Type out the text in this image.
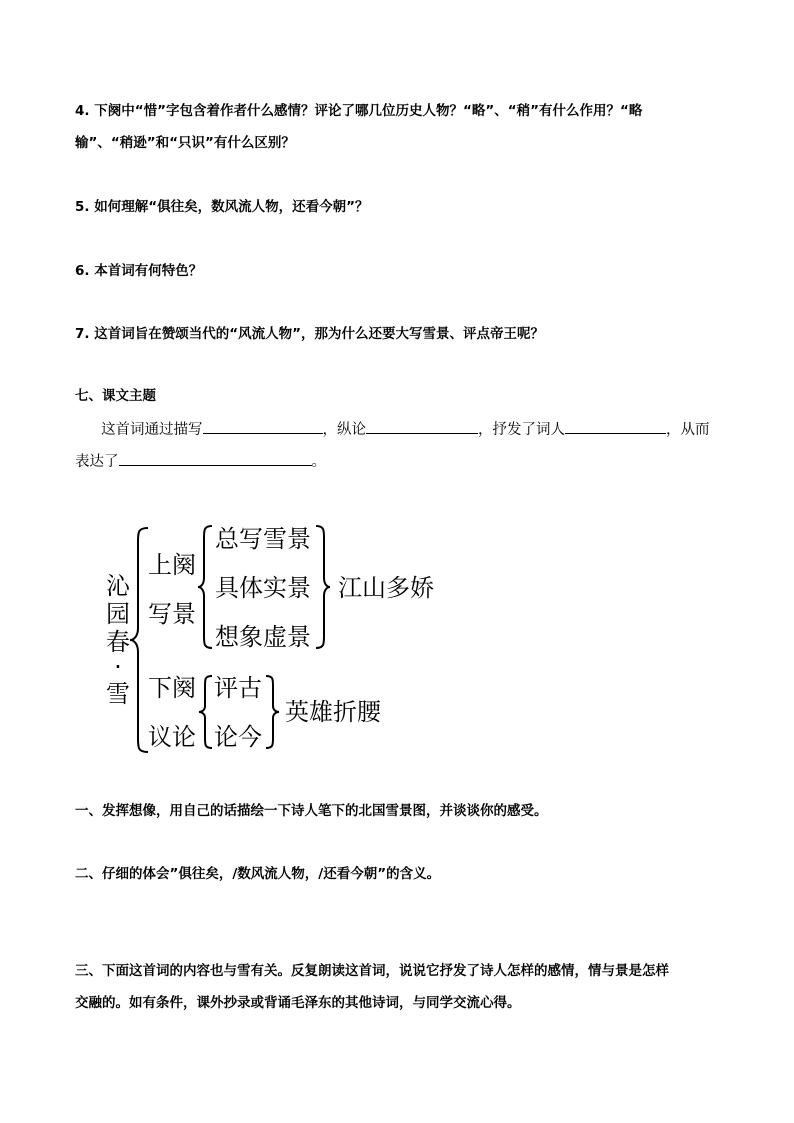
4. 下阕中“惜”字包含着作者什么感情？评论了哪几位历史人物？“略”、“稍”有什么作用？“略

输”、“稍逊”和“只识”有什么区别？

5. 如何理解“俱往矣，数风流人物，还看今朝”？

6. 本首词有何特色？

7. 这首词旨在赞颂当代的“风流人物”，那为什么还要大写雪景、评点帝王呢？

七、课文主题

这首词通过描写	，纵论	，抒发了词人	，从而

表达了	。

沁
园
春
·
雪
上阕
写景
总写雪景
具体实景
想象虚景
江山多娇
下阕
议论
评古
论今
英雄折腰

一、发挥想像，用自己的话描绘一下诗人笔下的北国雪景图，并谈谈你的感受。

二、仔细的体会”俱往矣，/数风流人物，/还看今朝”的含义。

三、下面这首词的内容也与雪有关。反复朗读这首词，说说它抒发了诗人怎样的感情，情与景是怎样

交融的。如有条件，课外抄录或背诵毛泽东的其他诗词，与同学交流心得。
